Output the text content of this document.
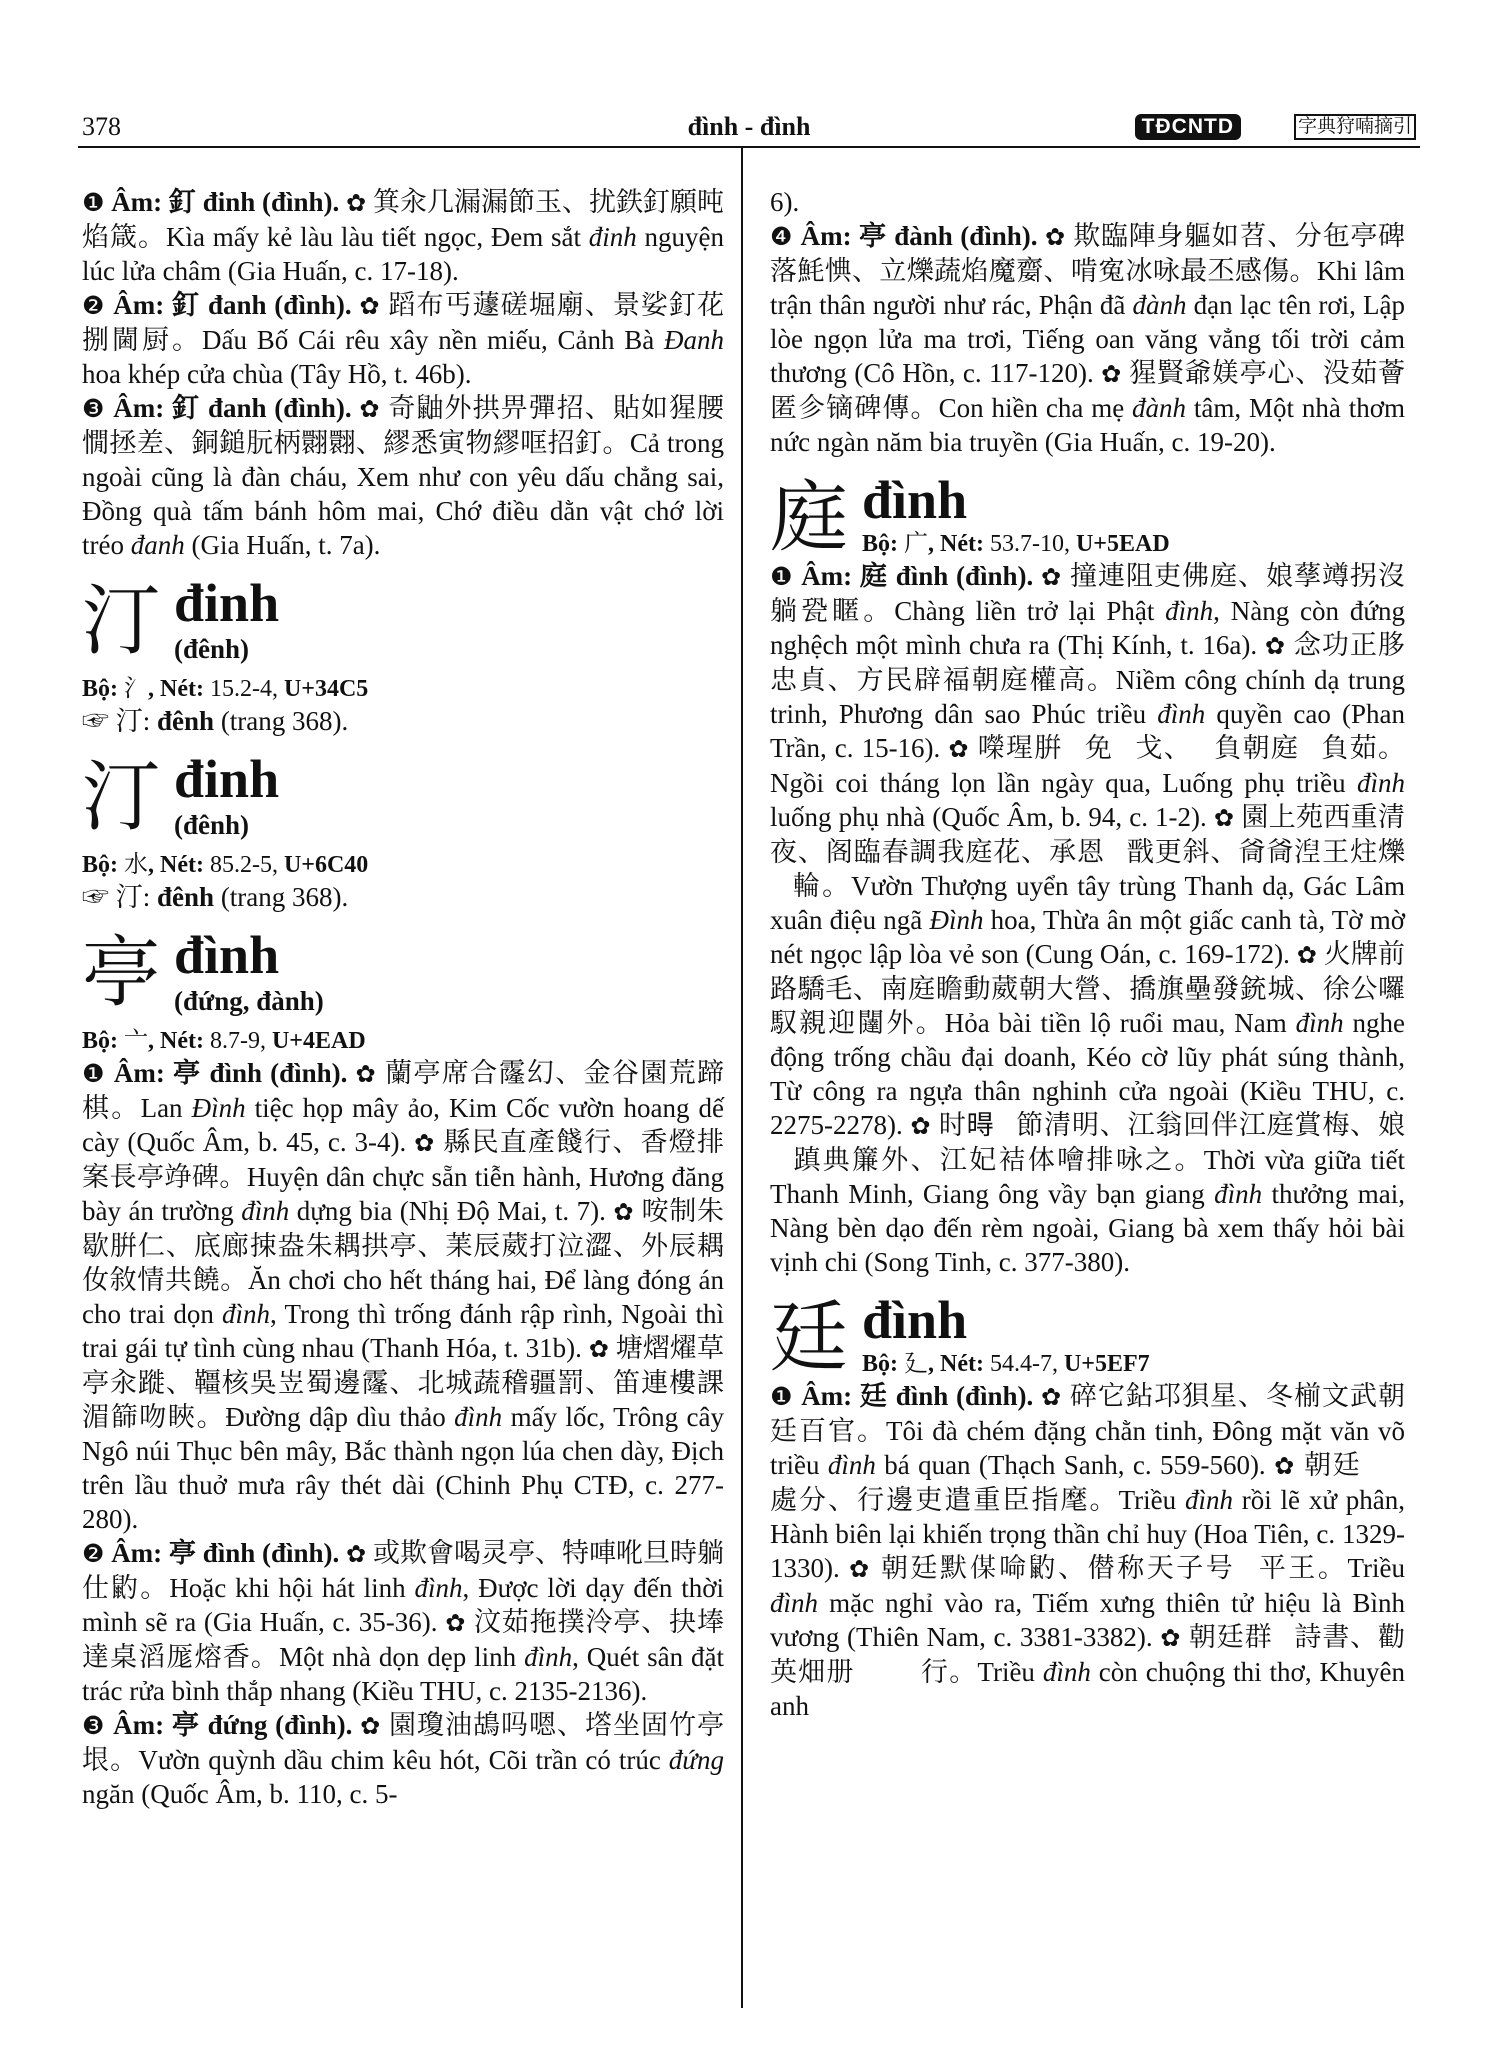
378	đình - đình	TĐCNTD	字典狩喃摘引

❶ Âm: 釘 đinh (đình). ✿ 箕汆几漏漏節玉、扰鉄釘願旽焰箴。Kìa mấy kẻ làu làu tiết ngọc, Đem sắt đinh nguyện lúc lửa châm (Gia Huấn, c. 17-18).

❷ Âm: 釘 đanh (đình). ✿ 蹈布丐蘧磋堀廟、景娑釘花捌閫厨。Dấu Bố Cái rêu xây nền miếu, Cảnh Bà Đanh hoa khép cửa chùa (Tây Hồ, t. 46b).

❸ Âm: 釘 đanh (đình). ✿ 奇鼬外拱畀彈招、貼如猩腰憪拯差、銅鎚朊柄翾翾、繆悉寅物繆哐招釘。Cả trong ngoài cũng là đàn cháu, Xem như con yêu dấu chẳng sai, Đồng quà tấm bánh hôm mai, Chớ điều dằn vật chớ lời tréo đanh (Gia Huấn, t. 7a).

汀 đinh
(đênh)

Bộ: 氵, Nét: 15.2-4, U+34C5

☞ 汀: đênh (trang 368).

汀 đinh
(đênh)

Bộ: 水, Nét: 85.2-5, U+6C40

☞ 汀: đênh (trang 368).

亭 đình
(đứng, đành)

Bộ: 亠, Nét: 8.7-9, U+4EAD

❶ Âm: 亭 đình (đình). ✿ 蘭亭席合霳幻、金谷園荒蹄棋。Lan Đình tiệc họp mây ảo, Kim Cốc vườn hoang dế cày (Quốc Âm, b. 45, c. 3-4). ✿ 縣民直產餞行、香燈排案長亭竫碑。Huyện dân chực sẵn tiễn hành, Hương đăng bày án trường đình dựng bia (Nhị Độ Mai, t. 7). ✿ 咹制朱歇腁仁、底廊捒盎朱耦拱亭、䒹辰葳打泣澀、外辰耦㚢敘情共饒。Ăn chơi cho hết tháng hai, Để làng đóng án cho trai dọn đình, Trong thì trống đánh rập rình, Ngoài thì trai gái tự tình cùng nhau (Thanh Hóa, t. 31b). ✿ 塘熠燿草亭汆蹝、韁核吳岦蜀邊霳、北城蔬稽疆罰、笛連樓課湄篩吻䀹。Đường dập dìu thảo đình mấy lốc, Trông cây Ngô núi Thục bên mây, Bắc thành ngọn lúa chen dày, Địch trên lầu thuở mưa rây thét dài (Chinh Phụ CTĐ, c. 277-280).

❷ Âm: 亭 đình (đình). ✿ 或欺會喝灵亭、特唓吪旦時躺仕䶂。Hoặc khi hội hát linh đình, Được lời dạy đến thời mình sẽ ra (Gia Huấn, c. 35-36). ✿ 汶茹拖撲泠亭、抉埲達桌滔厖熔香。Một nhà dọn dẹp linh đình, Quét sân đặt trác rửa bình thắp nhang (Kiều THU, c. 2135-2136).

❸ Âm: 亭 đứng (đình). ✿ 園瓊油鴣吗嗯、㙮坐固竹亭垠。Vườn quỳnh dầu chim kêu hót, Cõi trần có trúc đứng ngăn (Quốc Âm, b. 110, c. 5-

6).

❹ Âm: 亭 đành (đình). ✿ 欺臨陣身軀如苕、分㐌亭碑落魹㥏、立爍蔬焰魔䶒、啃寃冰咏最丕感傷。Khi lâm trận thân người như rác, Phận đã đành đạn lạc tên rơi, Lập lòe ngọn lửa ma trơi, Tiếng oan văng vẳng tối trời cảm thương (Cô Hồn, c. 117-120). ✿ 猩賢爺媄亭心、没茹薈匿㐱镝碑傳。Con hiền cha mẹ đành tâm, Một nhà thơm nức ngàn năm bia truyền (Gia Huấn, c. 19-20).

庭 đình
Bộ: 广, Nét: 53.7-10, U+5EAD

❶ Âm: 庭 đình (đình). ✿ 撞連阻吏佛庭、娘孶竴拐沒躺㼦䁥。Chàng liền trở lại Phật đình, Nàng còn đứng nghệch một mình chưa ra (Thị Kính, t. 16a). ✿ 念功正䏧忠貞、方民辟福朝庭權高。Niềm công chính dạ trung trinh, Phương dân sao Phúc triều đình quyền cao (Phan Trần, c. 15-16). ✿ 㘇瑆腁𡙐免𤐝戈、𥪝負朝庭𥪝負茹。Ngồi coi tháng lọn lần ngày qua, Luống phụ triều đình luống phụ nhà (Quốc Âm, b. 94, c. 1-2). ✿ 園上苑西重清夜、阁臨春調我庭花、承恩𠓨戬更斜、㸗㸗湼王炷爍𥵛輪。Vườn Thượng uyển tây trùng Thanh dạ, Gác Lâm xuân điệu ngã Đình hoa, Thừa ân một giấc canh tà, Tờ mờ nét ngọc lập lòa vẻ son (Cung Oán, c. 169-172). ✿ 火牌前路驕毛、南庭瞻動葳朝大營、撟旗壘發銃城、徐公囉馭親迎闥外。Hỏa bài tiền lộ ruổi mau, Nam đình nghe động trống chầu đại doanh, Kéo cờ lũy phát súng thành, Từ công ra ngựa thân nghinh cửa ngoài (Kiều THU, c. 2275-2278). ✿ 时𣈜𡗶節清明、江翁回伴江庭賞梅、娘𠁑蹎典簾外、江妃袺体噲排咏之。Thời vừa giữa tiết Thanh Minh, Giang ông vầy bạn giang đình thưởng mai, Nàng bèn dạo đến rèm ngoài, Giang bà xem thấy hỏi bài vịnh chi (Song Tinh, c. 377-380).

廷 đình
Bộ: 廴, Nét: 54.4-7, U+5EF7

❶ Âm: 廷 đình (đình). ✿ 碎它鉆邛狽星、冬椾文武朝廷百官。Tôi đà chém đặng chằn tinh, Đông mặt văn võ triều đình bá quan (Thạch Sanh, c. 559-560). ✿ 朝廷𦀊𠀧處分、行邊吏遣重臣指麾。Triều đình rồi lẽ xử phân, Hành biên lại khiến trọng thần chỉ huy (Hoa Tiên, c. 1329-1330). ✿ 朝廷默𠋦𠵴䶂、僣称天子号𠱋平王。Triều đình mặc nghỉ vào ra, Tiếm xưng thiên tử hiệu là Bình vương (Thiên Nam, c. 3381-3382). ✿ 朝廷群𪝬詩書、勸英畑册𠬠𦝄𢖽行。Triều đình còn chuộng thi thơ, Khuyên anh
